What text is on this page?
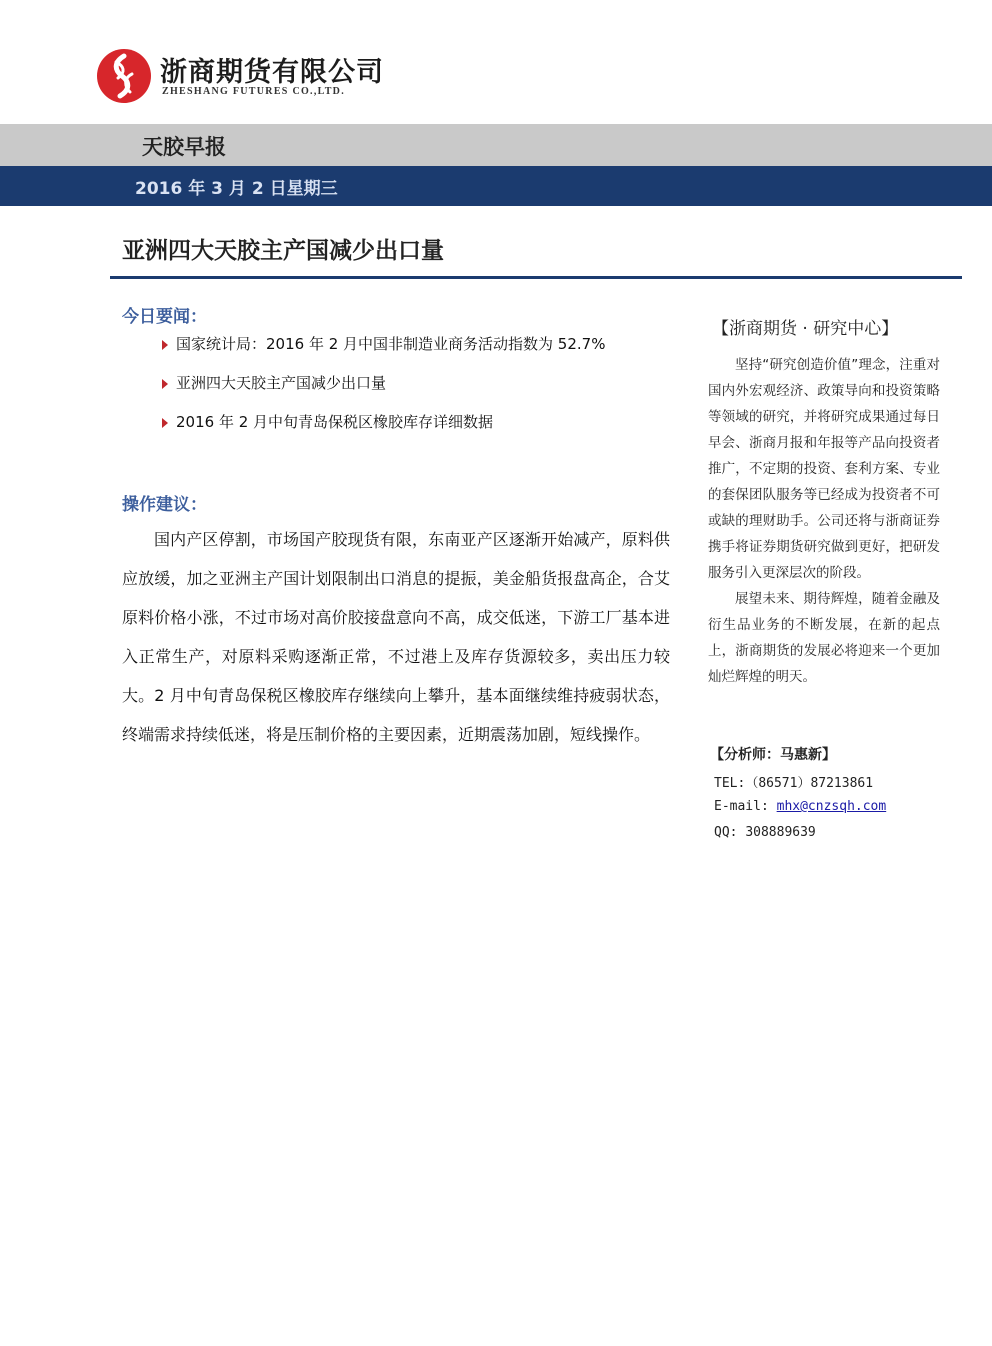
浙商期货有限公司
ZHESHANG FUTURES CO.,LTD.
天胶早报
2016 年 3 月 2 日星期三
亚洲四大天胶主产国减少出口量
今日要闻：
国家统计局：2016 年 2 月中国非制造业商务活动指数为 52.7%
亚洲四大天胶主产国减少出口量
2016 年 2 月中旬青岛保税区橡胶库存详细数据
操作建议：

国内产区停割，市场国产胶现货有限，东南亚产区逐渐开始减产，原料供应放缓，加之亚洲主产国计划限制出口消息的提振，美金船货报盘高企，合艾原料价格小涨，不过市场对高价胶接盘意向不高，成交低迷，下游工厂基本进入正常生产，对原料采购逐渐正常，不过港上及库存货源较多，卖出压力较大。2 月中旬青岛保税区橡胶库存继续向上攀升，基本面继续维持疲弱状态，终端需求持续低迷，将是压制价格的主要因素，近期震荡加剧，短线操作。

【浙商期货 · 研究中心】

坚持“研究创造价值”理念，注重对国内外宏观经济、政策导向和投资策略等领域的研究，并将研究成果通过每日早会、浙商月报和年报等产品向投资者推广，不定期的投资、套利方案、专业的套保团队服务等已经成为投资者不可或缺的理财助手。公司还将与浙商证券携手将证券期货研究做到更好，把研发服务引入更深层次的阶段。

展望未来、期待辉煌，随着金融及衍生品业务的不断发展，在新的起点上，浙商期货的发展必将迎来一个更加灿烂辉煌的明天。

【分析师：马惠新】
TEL:（86571）87213861
E-mail: mhx@cnzsqh.com
QQ: 308889639
